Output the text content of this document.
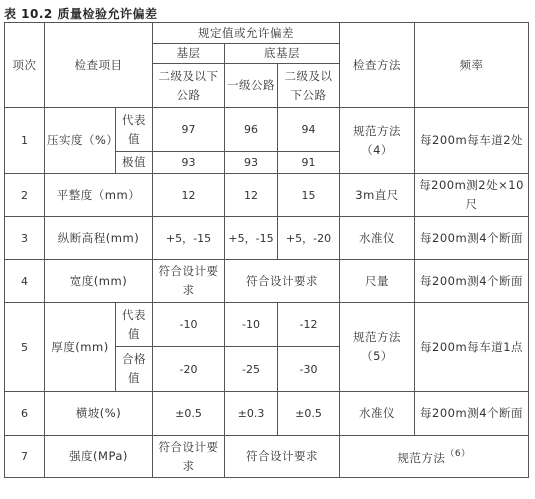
表 10.2 质量检验允许偏差
项次	检查项目		规定值或允许偏差			检查方法	频率
			基层	底基层			
			二级及以下公路	一级公路	二级及以下公路		
1	压实度（%）	代表值	97	96	94	规范方法（4）	每200m每车道2处
		极值	93	93	91		
2	平整度（mm）		12	12	15	3m直尺	每200m测2处×10尺
3	纵断高程(mm)		+5，-15	+5，-15	+5，-20	水准仪	每200m测4个断面
4	宽度(mm)		符合设计要求	符合设计要求		尺量	每200m测4个断面
5	厚度(mm)	代表值	-10	-10	-12	规范方法（5）	每200m每车道1点
		合格值	-20	-25	-30		
6	横坡(%)		±0.5	±0.3	±0.5	水准仪	每200m测4个断面
7	强度(MPa)		符合设计要求	符合设计要求		规范方法$^{(6)}$
